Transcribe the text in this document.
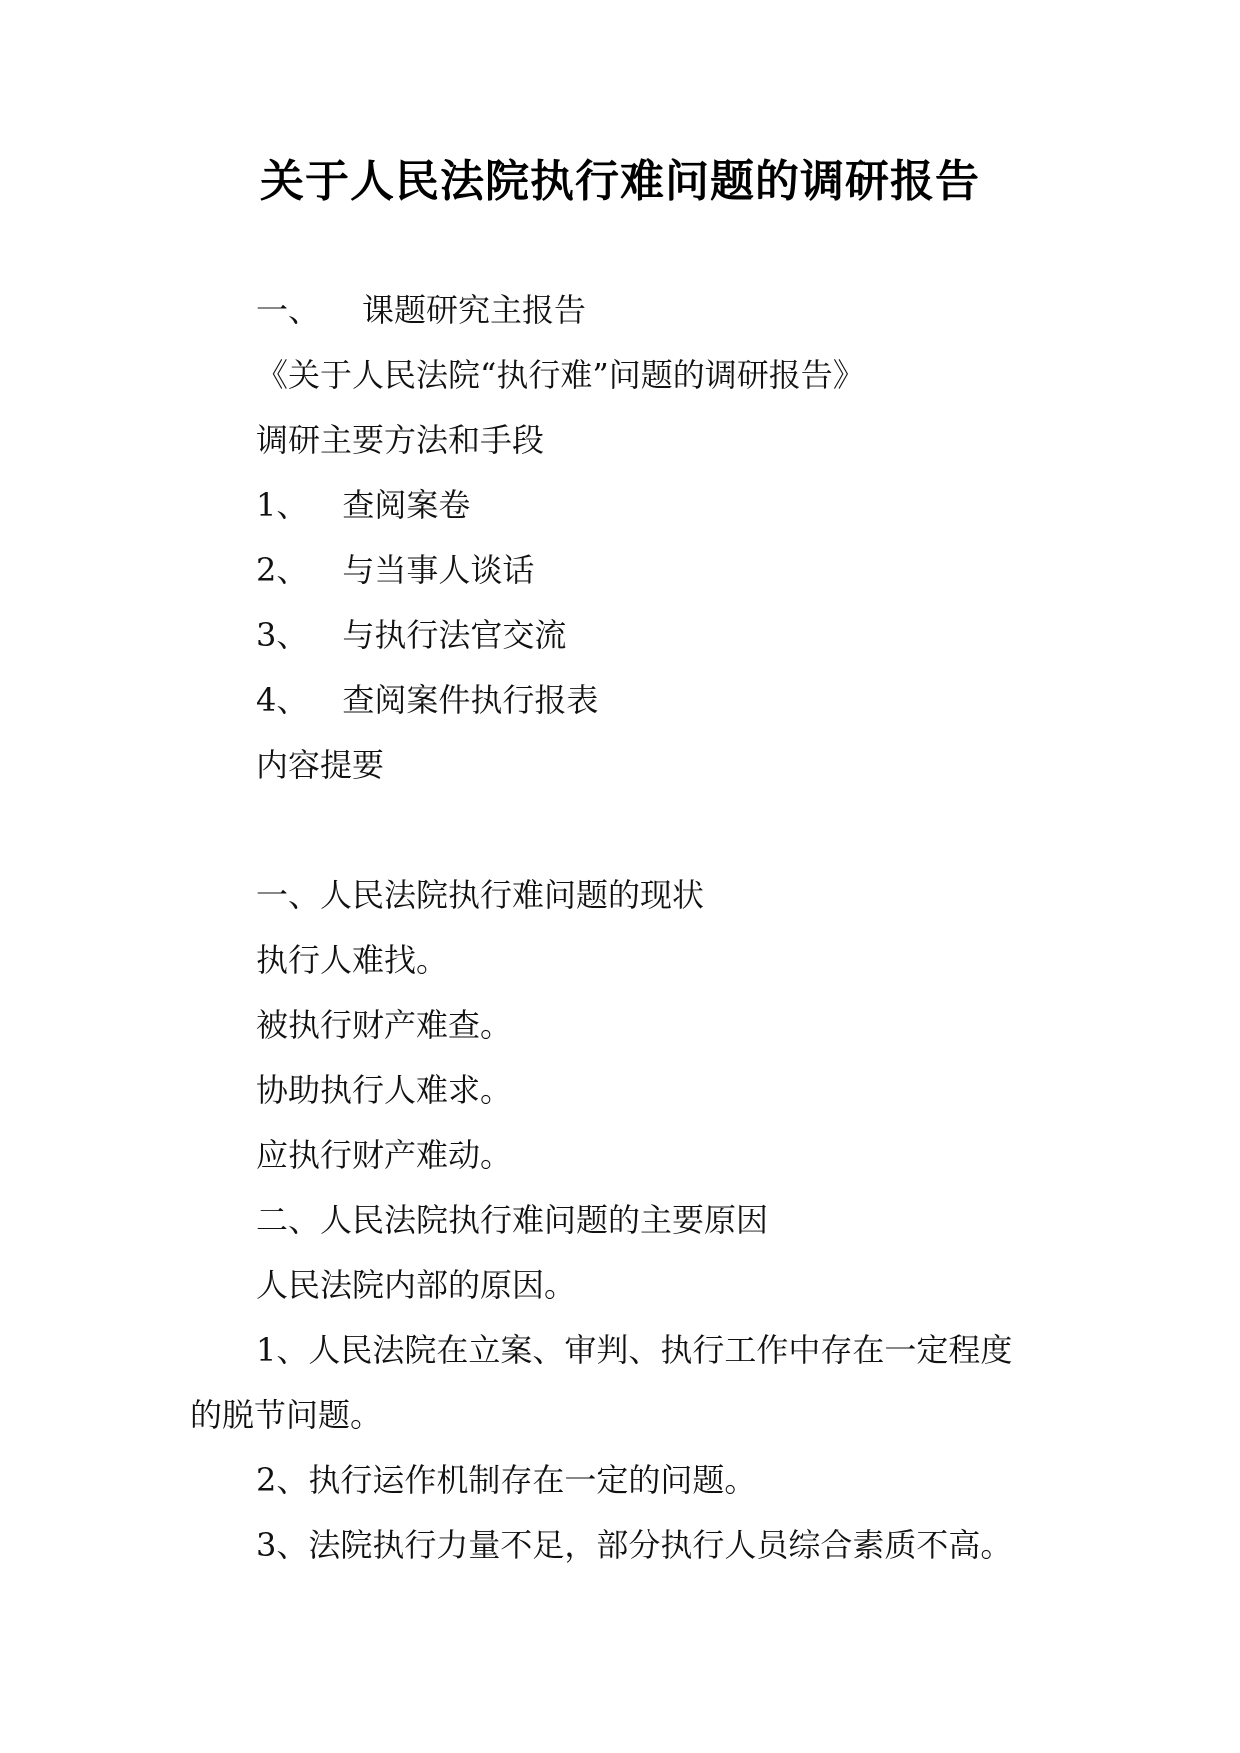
关于人民法院执行难问题的调研报告
一、 课题研究主报告
《关于人民法院“执行难”问题的调研报告》
调研主要方法和手段
1、 查阅案卷
2、 与当事人谈话
3、 与执行法官交流
4、 查阅案件执行报表
内容提要
一、人民法院执行难问题的现状
执行人难找。
被执行财产难查。
协助执行人难求。
应执行财产难动。
二、人民法院执行难问题的主要原因
人民法院内部的原因。
1、人民法院在立案、审判、执行工作中存在一定程度
的脱节问题。
2、执行运作机制存在一定的问题。
3、法院执行力量不足，部分执行人员综合素质不高。
